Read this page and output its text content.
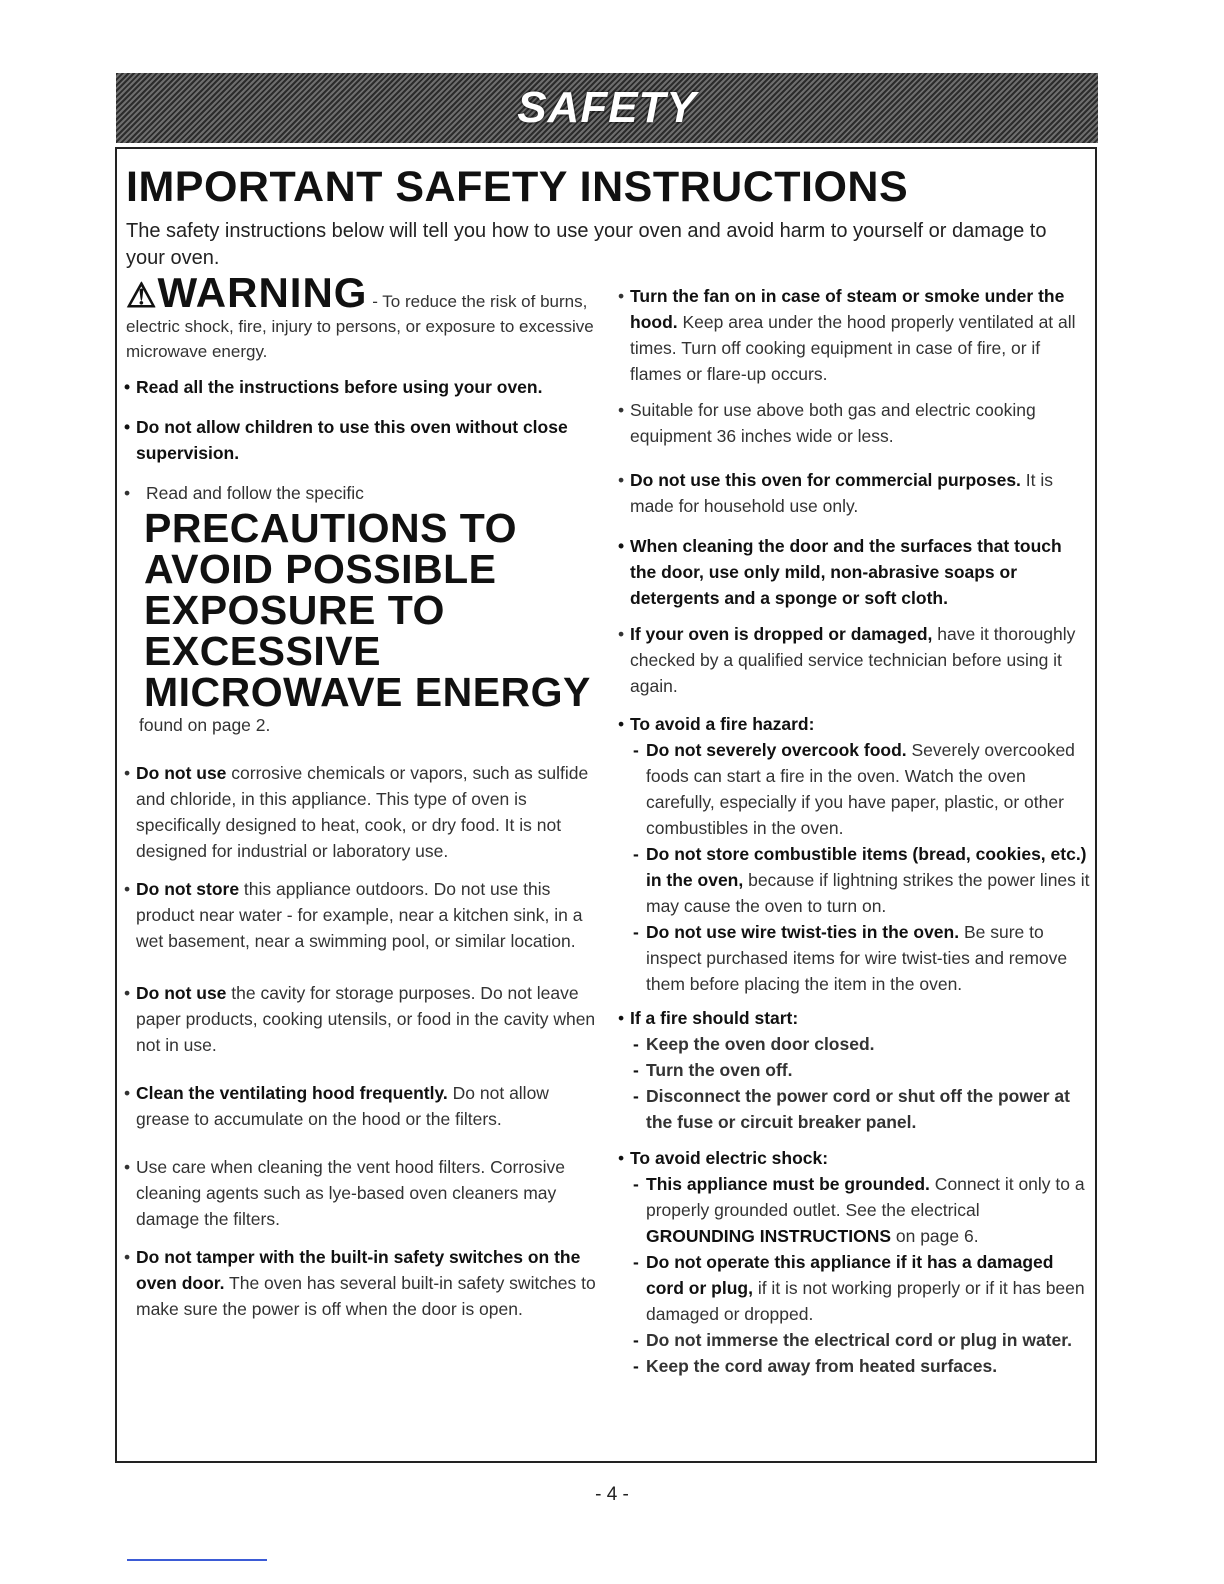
SAFETY
IMPORTANT SAFETY INSTRUCTIONS

The safety instructions below will tell you how to use your oven and avoid harm to yourself or damage to your oven.

⚠WARNING - To reduce the risk of burns, electric shock, fire, injury to persons, or exposure to excessive microwave energy.

• Read all the instructions before using your oven.

• Do not allow children to use this oven without close supervision.

• Read and follow the specific

PRECAUTIONS TO

AVOID POSSIBLE

EXPOSURE TO

EXCESSIVE

MICROWAVE ENERGY

found on page 2.

• Do not use corrosive chemicals or vapors, such as sulfide and chloride, in this appliance. This type of oven is specifically designed to heat, cook, or dry food. It is not designed for industrial or laboratory use.

• Do not store this appliance outdoors. Do not use this product near water - for example, near a kitchen sink, in a wet basement, near a swimming pool, or similar location.

• Do not use the cavity for storage purposes. Do not leave paper products, cooking utensils, or food in the cavity when not in use.

• Clean the ventilating hood frequently. Do not allow grease to accumulate on the hood or the filters.

• Use care when cleaning the vent hood filters. Corrosive cleaning agents such as lye-based oven cleaners may damage the filters.

• Do not tamper with the built-in safety switches on the oven door. The oven has several built-in safety switches to make sure the power is off when the door is open.

• Turn the fan on in case of steam or smoke under the hood. Keep area under the hood properly ventilated at all times. Turn off cooking equipment in case of fire, or if flames or flare-up occurs.

• Suitable for use above both gas and electric cooking equipment 36 inches wide or less.

• Do not use this oven for commercial purposes. It is made for household use only.

• When cleaning the door and the surfaces that touch the door, use only mild, non-abrasive soaps or detergents and a sponge or soft cloth.

• If your oven is dropped or damaged, have it thoroughly checked by a qualified service technician before using it again.

• To avoid a fire hazard:

- Do not severely overcook food. Severely overcooked foods can start a fire in the oven. Watch the oven carefully, especially if you have paper, plastic, or other combustibles in the oven.

- Do not store combustible items (bread, cookies, etc.) in the oven, because if lightning strikes the power lines it may cause the oven to turn on.

- Do not use wire twist-ties in the oven. Be sure to inspect purchased items for wire twist-ties and remove them before placing the item in the oven.

• If a fire should start:

- Keep the oven door closed.

- Turn the oven off.

- Disconnect the power cord or shut off the power at the fuse or circuit breaker panel.

• To avoid electric shock:

- This appliance must be grounded. Connect it only to a properly grounded outlet. See the electrical GROUNDING INSTRUCTIONS on page 6.

- Do not operate this appliance if it has a damaged cord or plug, if it is not working properly or if it has been damaged or dropped.

- Do not immerse the electrical cord or plug in water.

- Keep the cord away from heated surfaces.

- 4 -
